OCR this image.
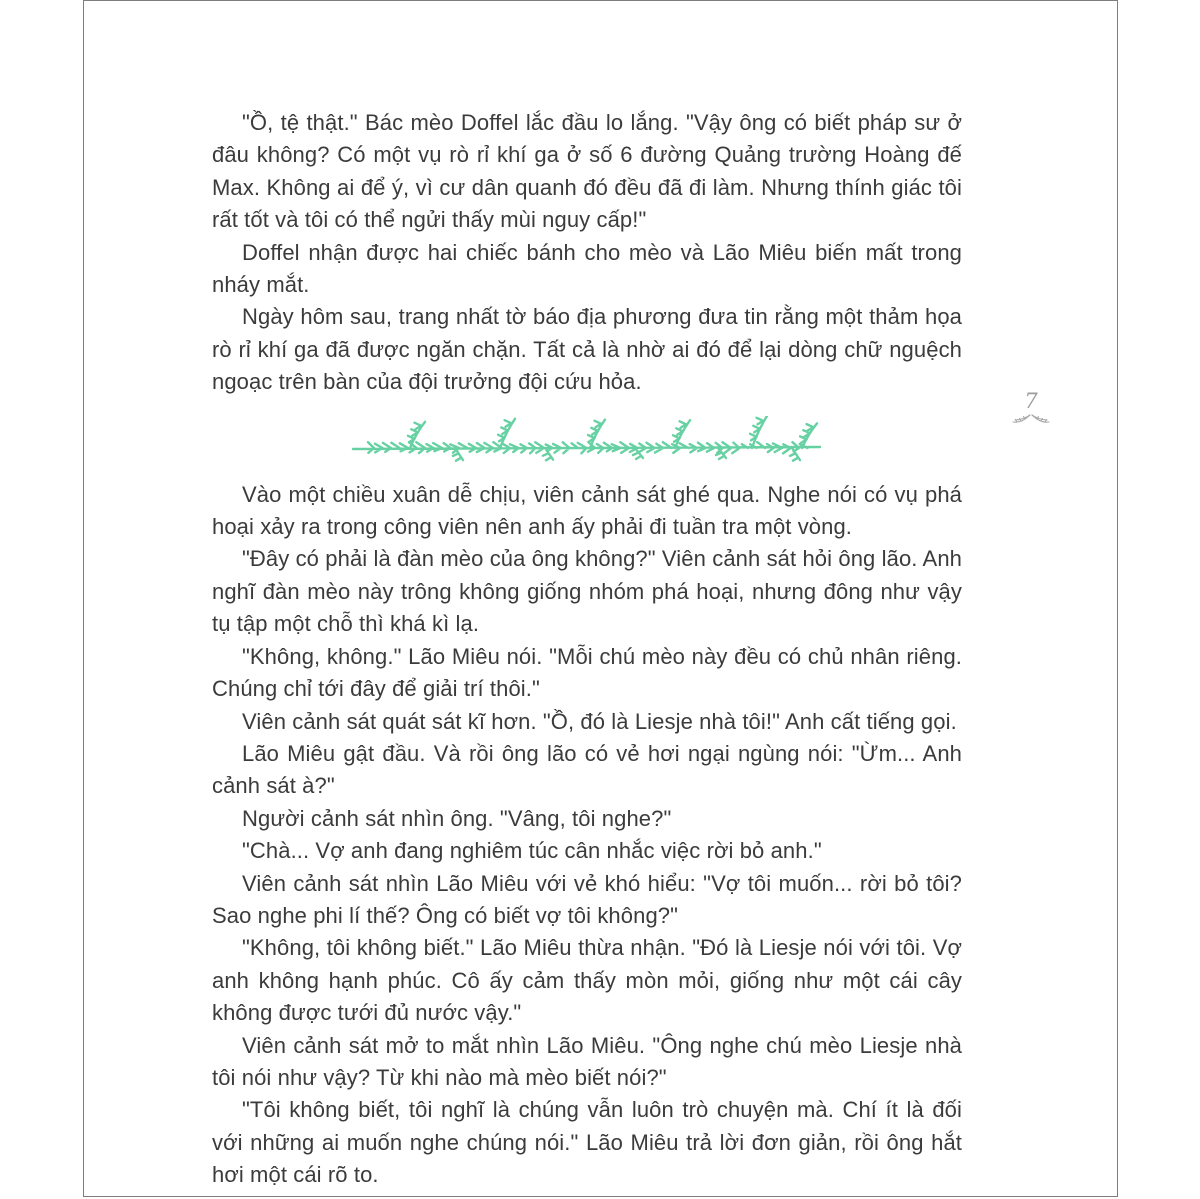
7

"Ồ, tệ thật." Bác mèo Doffel lắc đầu lo lắng. "Vậy ông có biết pháp sư ở đâu không? Có một vụ rò rỉ khí ga ở số 6 đường Quảng trường Hoàng đế Max. Không ai để ý, vì cư dân quanh đó đều đã đi làm. Nhưng thính giác tôi rất tốt và tôi có thể ngửi thấy mùi nguy cấp!"

Doffel nhận được hai chiếc bánh cho mèo và Lão Miêu biến mất trong nháy mắt.

Ngày hôm sau, trang nhất tờ báo địa phương đưa tin rằng một thảm họa rò rỉ khí ga đã được ngăn chặn. Tất cả là nhờ ai đó để lại dòng chữ nguệch ngoạc trên bàn của đội trưởng đội cứu hỏa.

Vào một chiều xuân dễ chịu, viên cảnh sát ghé qua. Nghe nói có vụ phá hoại xảy ra trong công viên nên anh ấy phải đi tuần tra một vòng.

"Đây có phải là đàn mèo của ông không?" Viên cảnh sát hỏi ông lão. Anh nghĩ đàn mèo này trông không giống nhóm phá hoại, nhưng đông như vậy tụ tập một chỗ thì khá kì lạ.

"Không, không." Lão Miêu nói. "Mỗi chú mèo này đều có chủ nhân riêng. Chúng chỉ tới đây để giải trí thôi."

Viên cảnh sát quát sát kĩ hơn. "Ồ, đó là Liesje nhà tôi!" Anh cất tiếng gọi.

Lão Miêu gật đầu. Và rồi ông lão có vẻ hơi ngại ngùng nói: "Ừm... Anh cảnh sát à?"

Người cảnh sát nhìn ông. "Vâng, tôi nghe?"

"Chà... Vợ anh đang nghiêm túc cân nhắc việc rời bỏ anh."

Viên cảnh sát nhìn Lão Miêu với vẻ khó hiểu: "Vợ tôi muốn... rời bỏ tôi? Sao nghe phi lí thế? Ông có biết vợ tôi không?"

"Không, tôi không biết." Lão Miêu thừa nhận. "Đó là Liesje nói với tôi. Vợ anh không hạnh phúc. Cô ấy cảm thấy mòn mỏi, giống như một cái cây không được tưới đủ nước vậy."

Viên cảnh sát mở to mắt nhìn Lão Miêu. "Ông nghe chú mèo Liesje nhà tôi nói như vậy? Từ khi nào mà mèo biết nói?"

"Tôi không biết, tôi nghĩ là chúng vẫn luôn trò chuyện mà. Chí ít là đối với những ai muốn nghe chúng nói." Lão Miêu trả lời đơn giản, rồi ông hắt hơi một cái rõ to.
